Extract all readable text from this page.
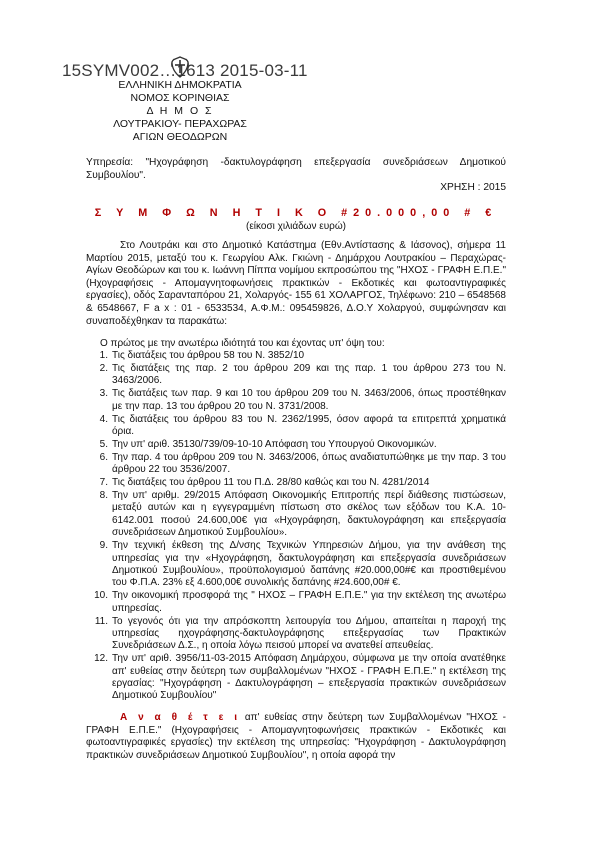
15SYMV002…1613 2015-03-11
ΕΛΛΗΝΙΚΗ ΔΗΜΟΚΡΑΤΙΑ
ΝΟΜΟΣ ΚΟΡΙΝΘΙΑΣ
Δ Η Μ Ο Σ
ΛΟΥΤΡΑΚΙΟΥ- ΠΕΡΑΧΩΡΑΣ
ΑΓΙΩΝ ΘΕΟΔΩΡΩΝ
Υπηρεσία: "Ηχογράφηση -δακτυλογράφηση επεξεργασία συνεδριάσεων Δημοτικού Συμβουλίου".
ΧΡΗΣΗ : 2015
Σ Υ Μ Φ Ω Ν Η Τ Ι Κ Ο #20.000,00 # €
(είκοσι χιλιάδων ευρώ)
Στο Λουτράκι και στο Δημοτικό Κατάστημα (Εθν.Αντίστασης & Ιάσονος), σήμερα 11 Μαρτίου 2015, μεταξύ του κ. Γεωργίου Αλκ. Γκιώνη - Δημάρχου Λουτρακίου – Περαχώρας- Αγίων Θεοδώρων και του κ. Ιωάννη Πίππα νομίμου εκπροσώπου της "ΗΧΟΣ - ΓΡΑΦΗ Ε.Π.Ε." (Ηχογραφήσεις - Απομαγνητοφωνήσεις πρακτικών - Εκδοτικές και φωτοαντιγραφικές εργασίες), οδός Σαρανταπόρου 21, Χολαργός- 155 61 ΧΟΛΑΡΓΟΣ, Τηλέφωνο: 210 – 6548568 & 6548667, F a x : 01 - 6533534, Α.Φ.Μ.: 095459826, Δ.Ο.Υ Χολαργού, συμφώνησαν και συναποδέχθηκαν τα παρακάτω:
Ο πρώτος με την ανωτέρω ιδιότητά του και έχοντας υπ' όψη του:
1. Τις διατάξεις του άρθρου 58 του Ν. 3852/10
2. Τις διατάξεις της παρ. 2 του άρθρου 209 και της παρ. 1 του άρθρου 273 του Ν. 3463/2006.
3. Τις διατάξεις των παρ. 9 και 10 του άρθρου 209 του Ν. 3463/2006, όπως προστέθηκαν με την παρ. 13 του άρθρου 20 του Ν. 3731/2008.
4. Τις διατάξεις του άρθρου 83 του Ν. 2362/1995, όσον αφορά τα επιτρεπτά χρηματικά όρια.
5. Την υπ' αριθ. 35130/739/09-10-10 Απόφαση του Υπουργού Οικονομικών.
6. Την παρ. 4 του άρθρου 209 του Ν. 3463/2006, όπως αναδιατυπώθηκε με την παρ. 3 του άρθρου 22 του 3536/2007.
7. Τις διατάξεις του άρθρου 11 του Π.Δ. 28/80 καθώς και του Ν. 4281/2014
8. Την υπ' αριθμ. 29/2015 Απόφαση Οικονομικής Επιτροπής περί διάθεσης πιστώσεων, μεταξύ αυτών και η εγγεγραμμένη πίστωση στο σκέλος των εξόδων του Κ.Α. 10-6142.001 ποσού 24.600,00€ για «Ηχογράφηση, δακτυλογράφηση και επεξεργασία συνεδριάσεων Δημοτικού Συμβουλίου».
9. Την τεχνική έκθεση της Δ/νσης Τεχνικών Υπηρεσιών Δήμου, για την ανάθεση της υπηρεσίας για την «Ηχογράφηση, δακτυλογράφηση και επεξεργασία συνεδριάσεων Δημοτικού Συμβουλίου», προϋπολογισμού δαπάνης #20.000,00#€ και προστιθεμένου του Φ.Π.Α. 23% εξ 4.600,00€ συνολικής δαπάνης #24.600,00# €.
10. Την οικονομική προσφορά της " ΗΧΟΣ – ΓΡΑΦΗ Ε.Π.Ε." για την εκτέλεση της ανωτέρω υπηρεσίας.
11. Το γεγονός ότι για την απρόσκοπτη λειτουργία του Δήμου, απαιτείται η παροχή της υπηρεσίας ηχογράφησης-δακτυλογράφησης επεξεργασίας των Πρακτικών Συνεδριάσεων Δ.Σ., η οποία λόγω πεισού μπορεί να ανατεθεί απευθείας.
12. Την υπ' αριθ. 3956/11-03-2015 Απόφαση Δημάρχου, σύμφωνα με την οποία ανατέθηκε απ' ευθείας στην δεύτερη των συμβαλλομένων "ΗΧΟΣ - ΓΡΑΦΗ Ε.Π.Ε." η εκτέλεση της εργασίας: "Ηχογράφηση - Δακτυλογράφηση – επεξεργασία πρακτικών συνεδριάσεων Δημοτικού Συμβουλίου"
Α ν α θ έ τ ε ι απ' ευθείας στην δεύτερη των Συμβαλλομένων "ΗΧΟΣ - ΓΡΑΦΗ Ε.Π.Ε." (Ηχογραφήσεις - Απομαγνητοφωνήσεις πρακτικών - Εκδοτικές και φωτοαντιγραφικές εργασίες) την εκτέλεση της υπηρεσίας: "Ηχογράφηση - Δακτυλογράφηση πρακτικών συνεδριάσεων Δημοτικού Συμβουλίου", η οποία αφορά την
